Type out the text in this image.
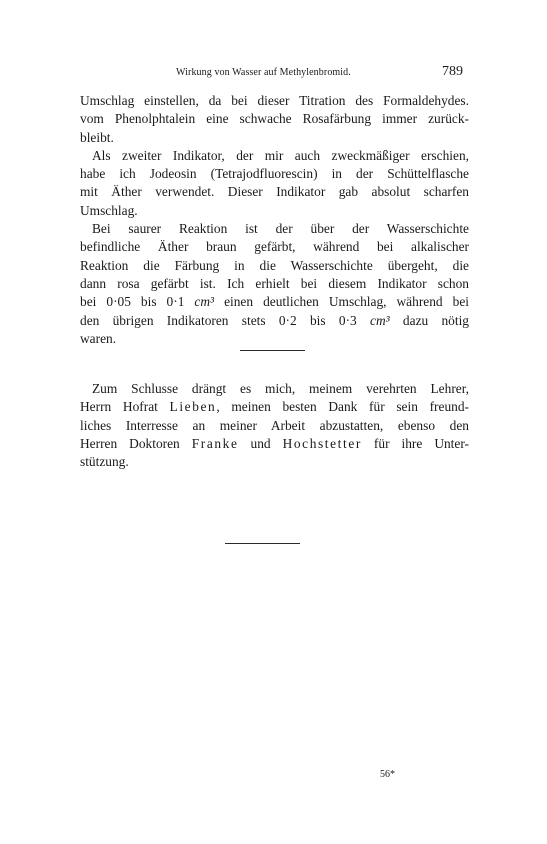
Wirkung von Wasser auf Methylenbromid.	789
Umschlag einstellen, da bei dieser Titration des Formaldehydes.
vom Phenolphtalein eine schwache Rosafärbung immer zurück-
bleibt.
Als zweiter Indikator, der mir auch zweckmäßiger erschien,
habe ich Jodeosin (Tetrajodfluorescin) in der Schüttelflasche
mit Äther verwendet. Dieser Indikator gab absolut scharfen
Umschlag.
Bei saurer Reaktion ist der über der Wasserschichte
befindliche Äther braun gefärbt, während bei alkalischer
Reaktion die Färbung in die Wasserschichte übergeht, die
dann rosa gefärbt ist. Ich erhielt bei diesem Indikator schon
bei 0·05 bis 0·1 cm³ einen deutlichen Umschlag, während bei
den übrigen Indikatoren stets 0·2 bis 0·3 cm³ dazu nötig
waren.
Zum Schlusse drängt es mich, meinem verehrten Lehrer,
Herrn Hofrat Lieben, meinen besten Dank für sein freund-
liches Interresse an meiner Arbeit abzustatten, ebenso den
Herren Doktoren Franke und Hochstetter für ihre Unter-
stützung.
56*
